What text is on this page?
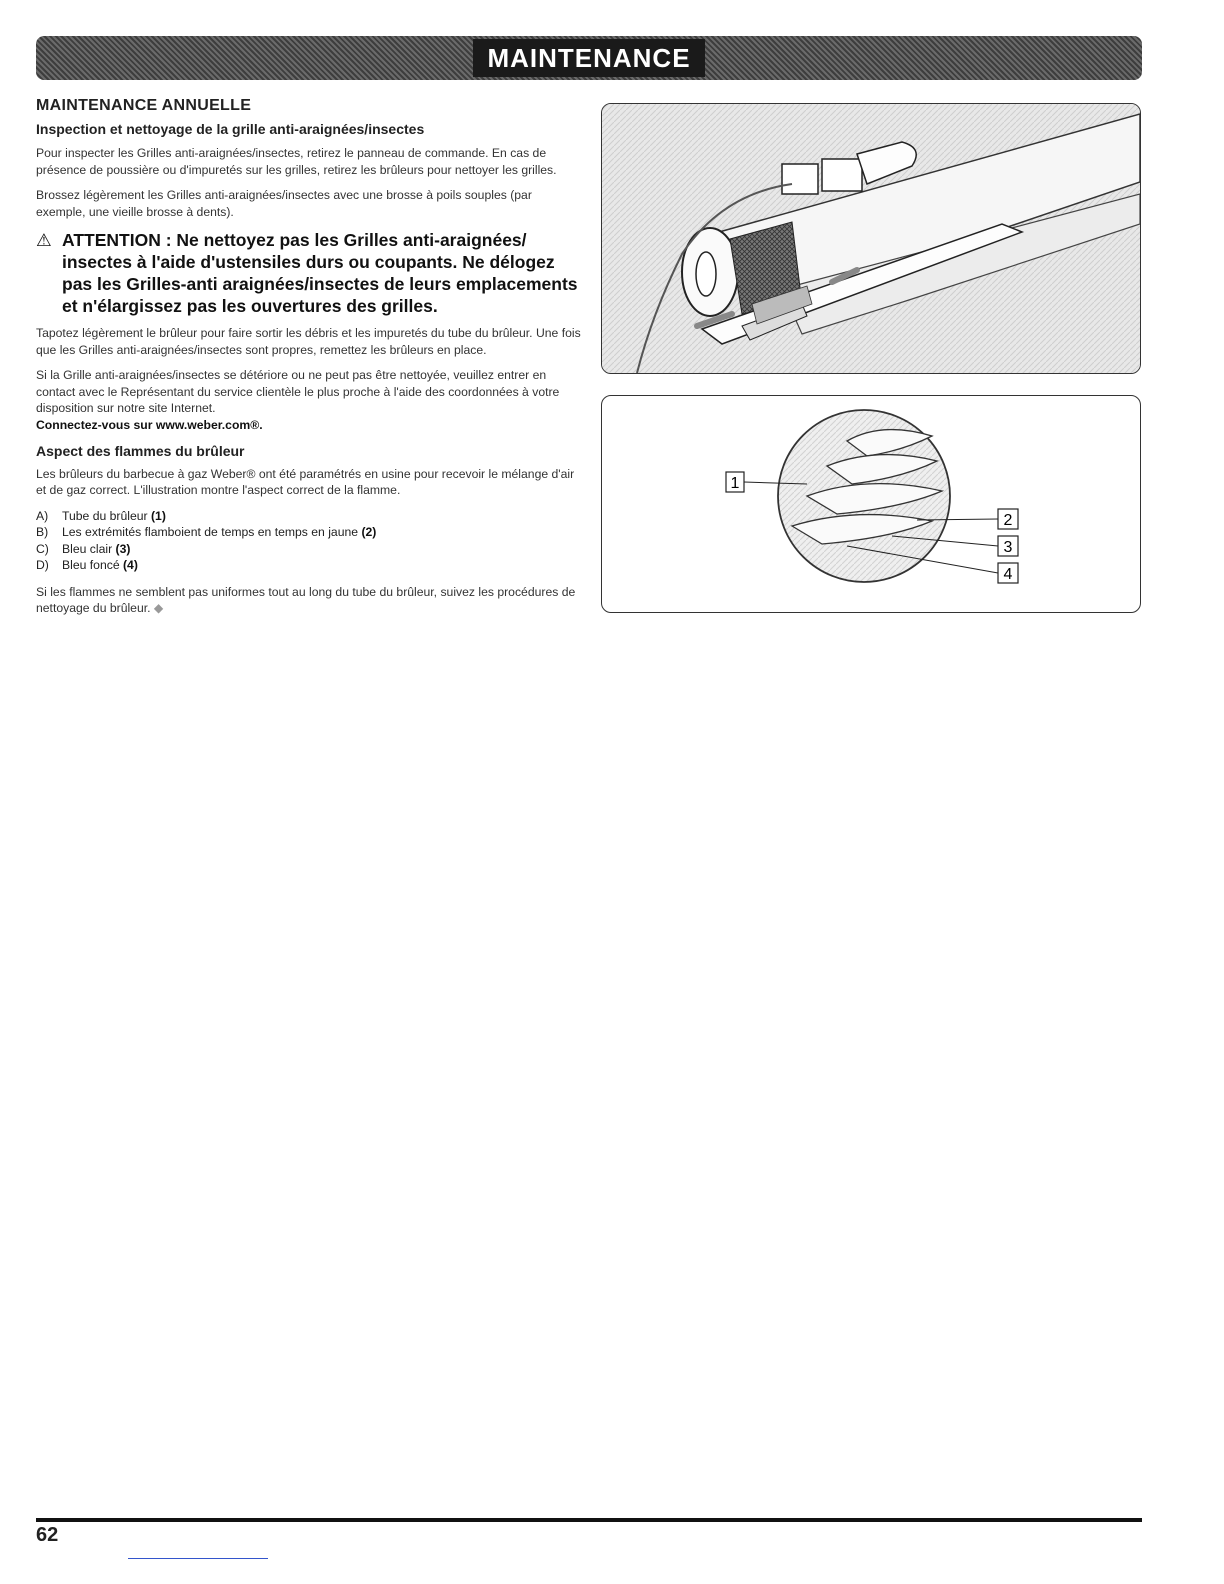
MAINTENANCE
MAINTENANCE ANNUELLE
Inspection et nettoyage de la grille anti-araignées/insectes

Pour inspecter les Grilles anti-araignées/insectes, retirez le panneau de commande. En cas de présence de poussière ou d'impuretés sur les grilles, retirez les brûleurs pour nettoyer les grilles.

Brossez légèrement les Grilles anti-araignées/insectes avec une brosse à poils souples (par exemple, une vieille brosse à dents).

⚠ ATTENTION : Ne nettoyez pas les Grilles anti-araignées/ insectes à l'aide d'ustensiles durs ou coupants. Ne délogez pas les Grilles-anti araignées/insectes de leurs emplacements et n'élargissez pas les ouvertures des grilles.

Tapotez légèrement le brûleur pour faire sortir les débris et les impuretés du tube du brûleur. Une fois que les Grilles anti-araignées/insectes sont propres, remettez les brûleurs en place.

Si la Grille anti-araignées/insectes se détériore ou ne peut pas être nettoyée, veuillez entrer en contact avec le Représentant du service clientèle le plus proche à l'aide des coordonnées à votre disposition sur notre site Internet.

Connectez-vous sur www.weber.com®.

Aspect des flammes du brûleur

Les brûleurs du barbecue à gaz Weber® ont été paramétrés en usine pour recevoir le mélange d'air et de gaz correct. L'illustration montre l'aspect correct de la flamme.

A)	Tube du brûleur (1)
B)	Les extrémités flamboient de temps en temps en jaune (2)
C)	Bleu clair (3)
D)	Bleu foncé (4)

Si les flammes ne semblent pas uniformes tout au long du tube du brûleur, suivez les procédures de nettoyage du brûleur. ◆

1
2
3
4
62
